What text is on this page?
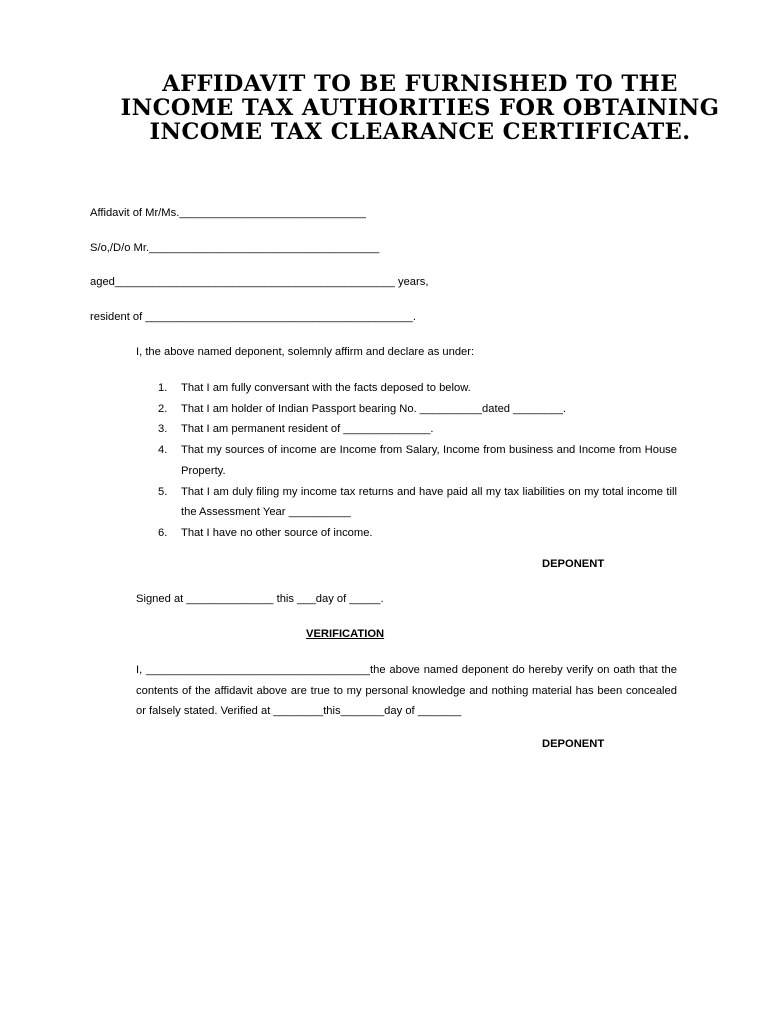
AFFIDAVIT TO BE FURNISHED TO THE INCOME TAX AUTHORITIES FOR OBTAINING INCOME TAX CLEARANCE CERTIFICATE.
Affidavit of Mr/Ms.______________________________
S/o,/D/o Mr._____________________________________
aged_____________________________________________ years,
resident of ___________________________________________.
I, the above named deponent, solemnly affirm and declare as under:
1. That I am fully conversant with the facts deposed to below.
2. That I am holder of Indian Passport bearing No. __________dated ________.
3. That I am permanent resident of ______________.
4. That my sources of income are Income from Salary, Income from business and Income from House Property.
5. That I am duly filing my income tax returns and have paid all my tax liabilities on my total income till the Assessment Year __________
6. That I have no other source of income.
DEPONENT
Signed at ______________ this ___day of _____.
VERIFICATION

I, ____________________________________the above named deponent do hereby verify on oath that the contents of the affidavit above are true to my personal knowledge and nothing material has been concealed or falsely stated. Verified at ________this_______day of _______

DEPONENT
